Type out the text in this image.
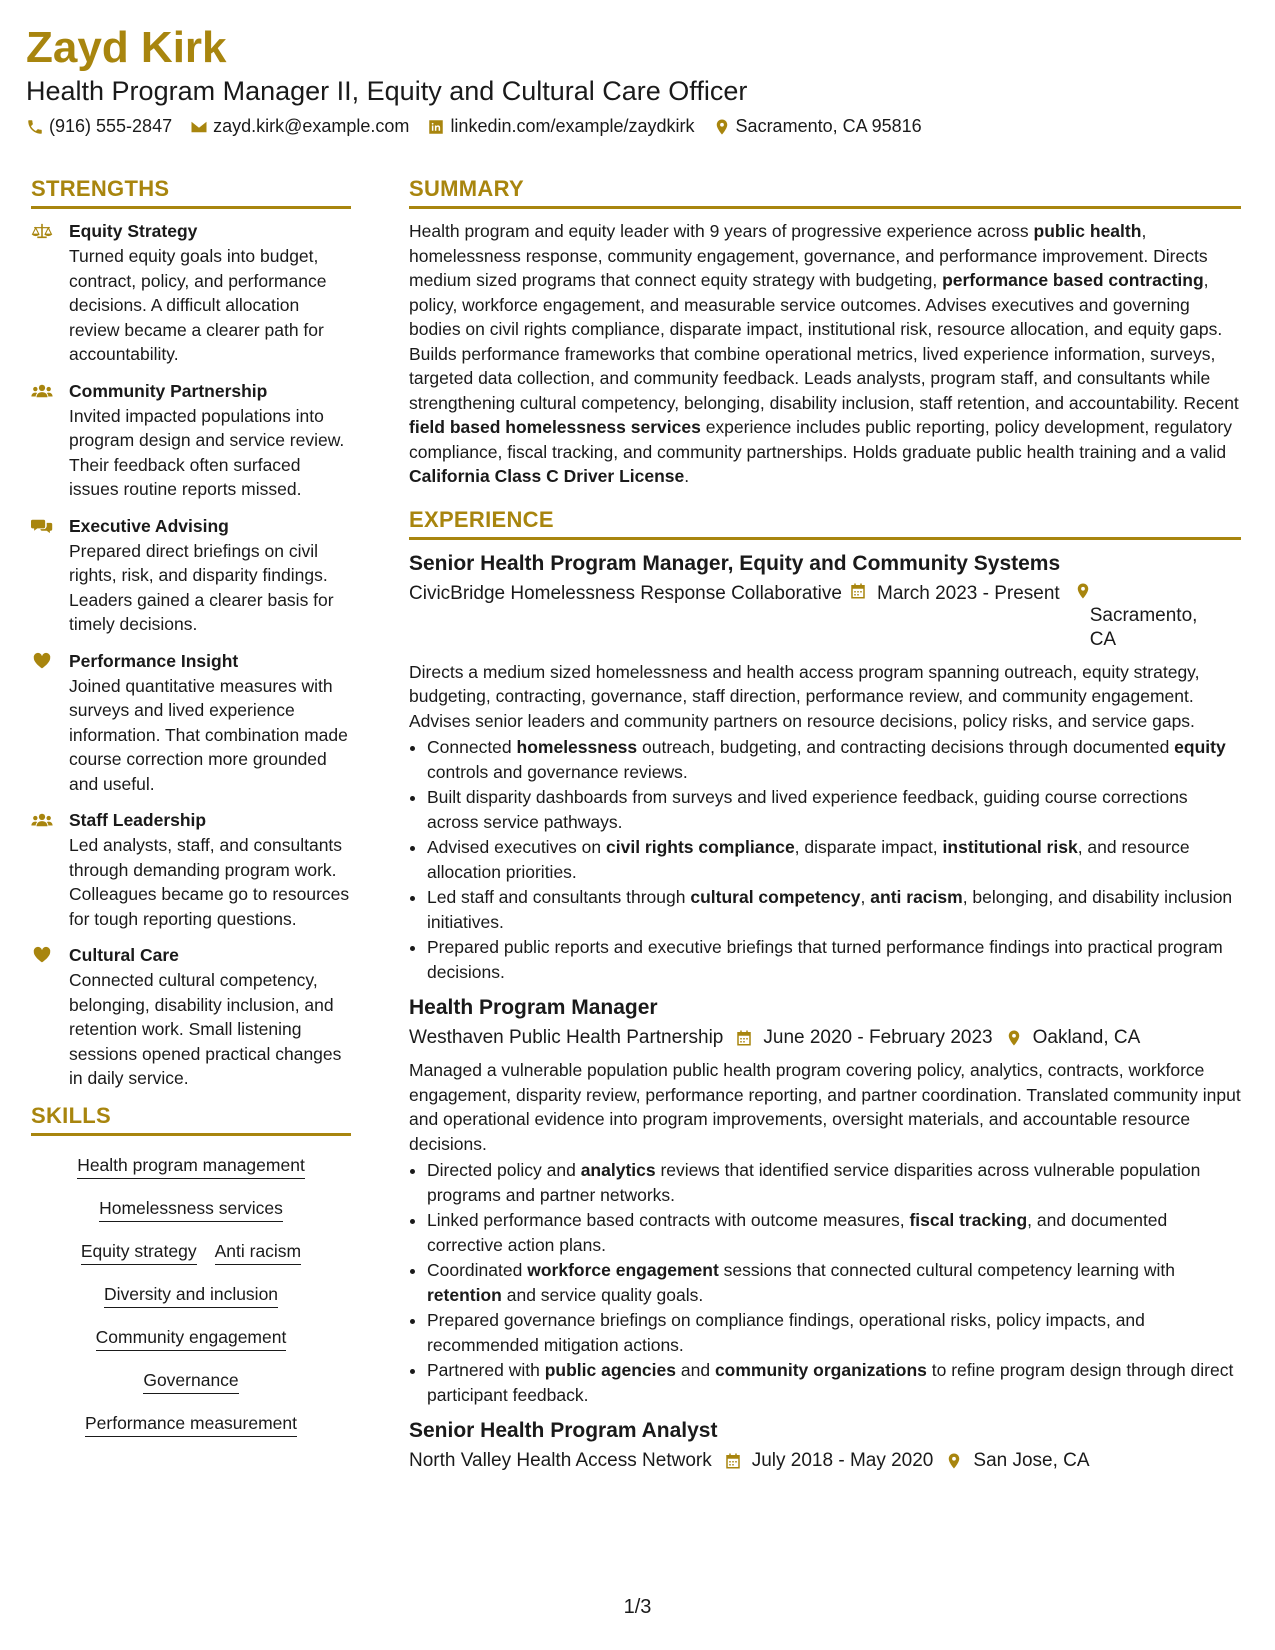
Zayd Kirk
Health Program Manager II, Equity and Cultural Care Officer
(916) 555-2847 zayd.kirk@example.com linkedin.com/example/zaydkirk Sacramento, CA 95816
STRENGTHS
Equity Strategy
Turned equity goals into budget, contract, policy, and performance decisions. A difficult allocation review became a clearer path for accountability.
Community Partnership
Invited impacted populations into program design and service review. Their feedback often surfaced issues routine reports missed.
Executive Advising
Prepared direct briefings on civil rights, risk, and disparity findings. Leaders gained a clearer basis for timely decisions.
Performance Insight
Joined quantitative measures with surveys and lived experience information. That combination made course correction more grounded and useful.
Staff Leadership
Led analysts, staff, and consultants through demanding program work. Colleagues became go to resources for tough reporting questions.
Cultural Care
Connected cultural competency, belonging, disability inclusion, and retention work. Small listening sessions opened practical changes in daily service.
SKILLS
Health program management
Homelessness services
Equity strategy Anti racism
Diversity and inclusion
Community engagement
Governance
Performance measurement
SUMMARY
Health program and equity leader with 9 years of progressive experience across public health, homelessness response, community engagement, governance, and performance improvement. Directs medium sized programs that connect equity strategy with budgeting, performance based contracting, policy, workforce engagement, and measurable service outcomes. Advises executives and governing bodies on civil rights compliance, disparate impact, institutional risk, resource allocation, and equity gaps. Builds performance frameworks that combine operational metrics, lived experience information, surveys, targeted data collection, and community feedback. Leads analysts, program staff, and consultants while strengthening cultural competency, belonging, disability inclusion, staff retention, and accountability. Recent field based homelessness services experience includes public reporting, policy development, regulatory compliance, fiscal tracking, and community partnerships. Holds graduate public health training and a valid California Class C Driver License.
EXPERIENCE
Senior Health Program Manager, Equity and Community Systems
CivicBridge Homelessness Response Collaborative	March 2023 - Present
Sacramento, CA
Directs a medium sized homelessness and health access program spanning outreach, equity strategy, budgeting, contracting, governance, staff direction, performance review, and community engagement. Advises senior leaders and community partners on resource decisions, policy risks, and service gaps.
• Connected homelessness outreach, budgeting, and contracting decisions through documented equity controls and governance reviews.
• Built disparity dashboards from surveys and lived experience feedback, guiding course corrections across service pathways.
• Advised executives on civil rights compliance, disparate impact, institutional risk, and resource allocation priorities.
• Led staff and consultants through cultural competency, anti racism, belonging, and disability inclusion initiatives.
• Prepared public reports and executive briefings that turned performance findings into practical program decisions.
Health Program Manager
Westhaven Public Health Partnership June 2020 - February 2023 Oakland, CA
Managed a vulnerable population public health program covering policy, analytics, contracts, workforce engagement, disparity review, performance reporting, and partner coordination. Translated community input and operational evidence into program improvements, oversight materials, and accountable resource decisions.
• Directed policy and analytics reviews that identified service disparities across vulnerable population programs and partner networks.
• Linked performance based contracts with outcome measures, fiscal tracking, and documented corrective action plans.
• Coordinated workforce engagement sessions that connected cultural competency learning with retention and service quality goals.
• Prepared governance briefings on compliance findings, operational risks, policy impacts, and recommended mitigation actions.
• Partnered with public agencies and community organizations to refine program design through direct participant feedback.
Senior Health Program Analyst
North Valley Health Access Network July 2018 - May 2020 San Jose, CA
1/3
